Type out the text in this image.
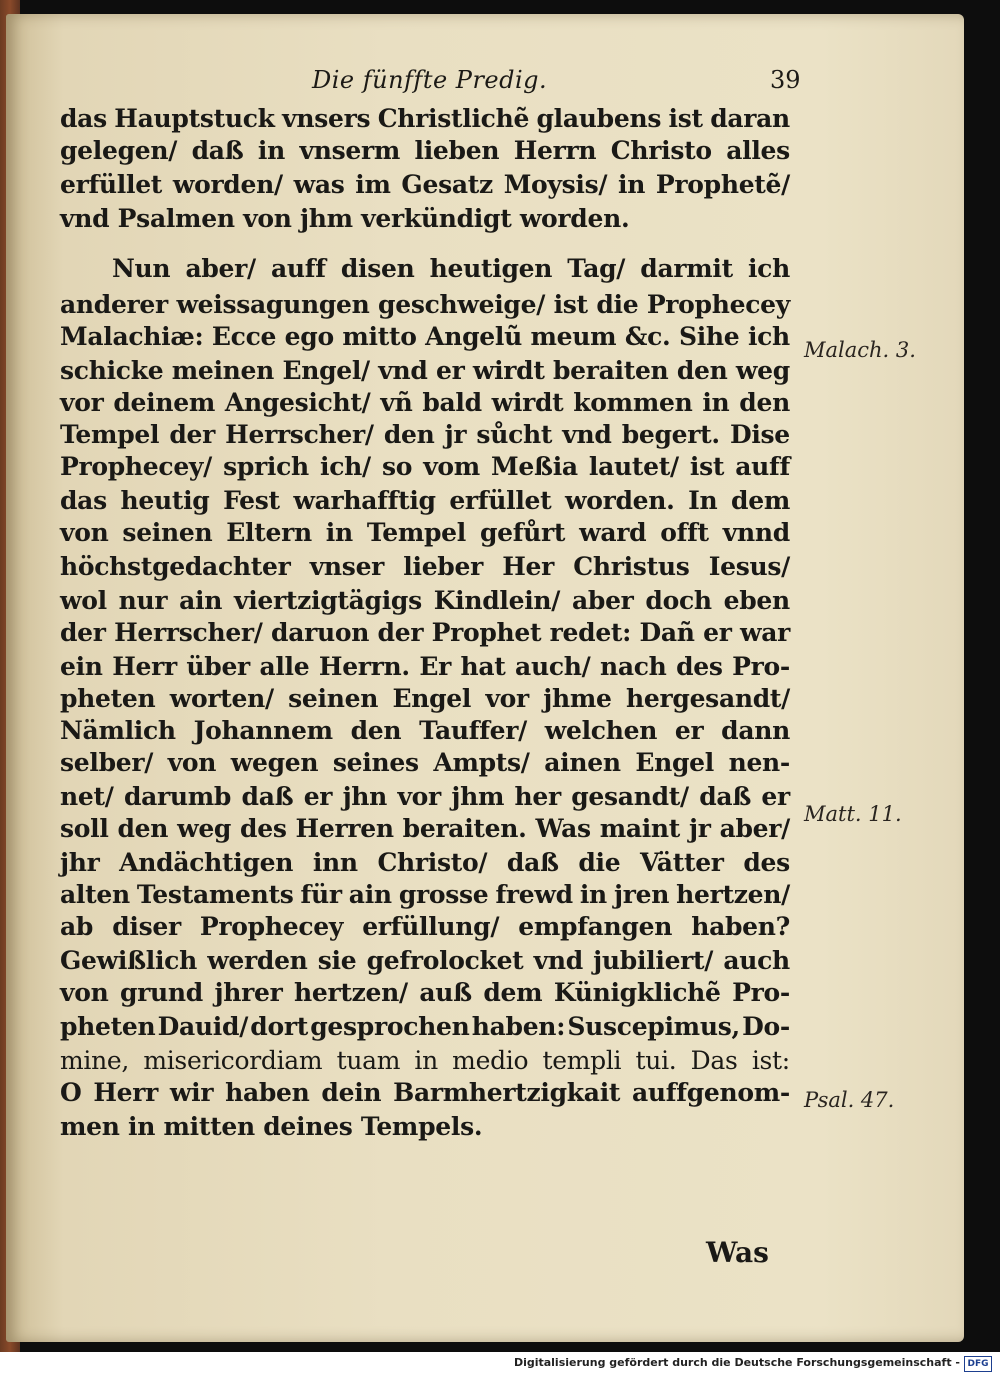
Die fünffte Predig.	39
das Hauptstuck vnsers Christlichẽ glaubens ist daran
gelegen/ daß in vnserm lieben Herrn Christo alles
erfüllet worden/ was im Gesatz Moysis/ in Prophetẽ/
vnd Psalmen von jhm verkündigt worden.
Nun aber/ auff disen heutigen Tag/ darmit ich
anderer weissagungen geschweige/ ist die Prophecey
Malachiæ: Ecce ego mitto Angelũ meum &c. Sihe ich
schicke meinen Engel/ vnd er wirdt beraiten den weg
vor deinem Angesicht/ vñ bald wirdt kommen in den
Tempel der Herrscher/ den jr sůcht vnd begert. Dise
Prophecey/ sprich ich/ so vom Meßia lautet/ ist auff
das heutig Fest warhafftig erfüllet worden. In dem
von seinen Eltern in Tempel gefůrt ward offt vnnd
höchstgedachter vnser lieber Her Christus Iesus/
wol nur ain viertzigtägigs Kindlein/ aber doch eben
der Herrscher/ daruon der Prophet redet: Dañ er war
ein Herr über alle Herrn. Er hat auch/ nach des Pro-
pheten worten/ seinen Engel vor jhme hergesandt/
Nämlich Johannem den Tauffer/ welchen er dann
selber/ von wegen seines Ampts/ ainen Engel nen-
net/ darumb daß er jhn vor jhm her gesandt/ daß er
soll den weg des Herren beraiten. Was maint jr aber/
jhr Andächtigen inn Christo/ daß die Vätter des
alten Testaments für ain grosse frewd in jren hertzen/
ab diser Prophecey erfüllung/ empfangen haben?
Gewißlich werden sie gefrolocket vnd jubiliert/ auch
von grund jhrer hertzen/ auß dem Künigklichẽ Pro-
pheten Dauid/ dort gesprochen haben: Suscepimus, Do-
mine, misericordiam tuam in medio templi tui. Das ist:
O Herr wir haben dein Barmhertzigkait auffgenom-
men in mitten deines Tempels.
Malach. 3.
Matt. 11.
Psal. 47.
Was
Digitalisierung gefördert durch die Deutsche Forschungsgemeinschaft - DFG
